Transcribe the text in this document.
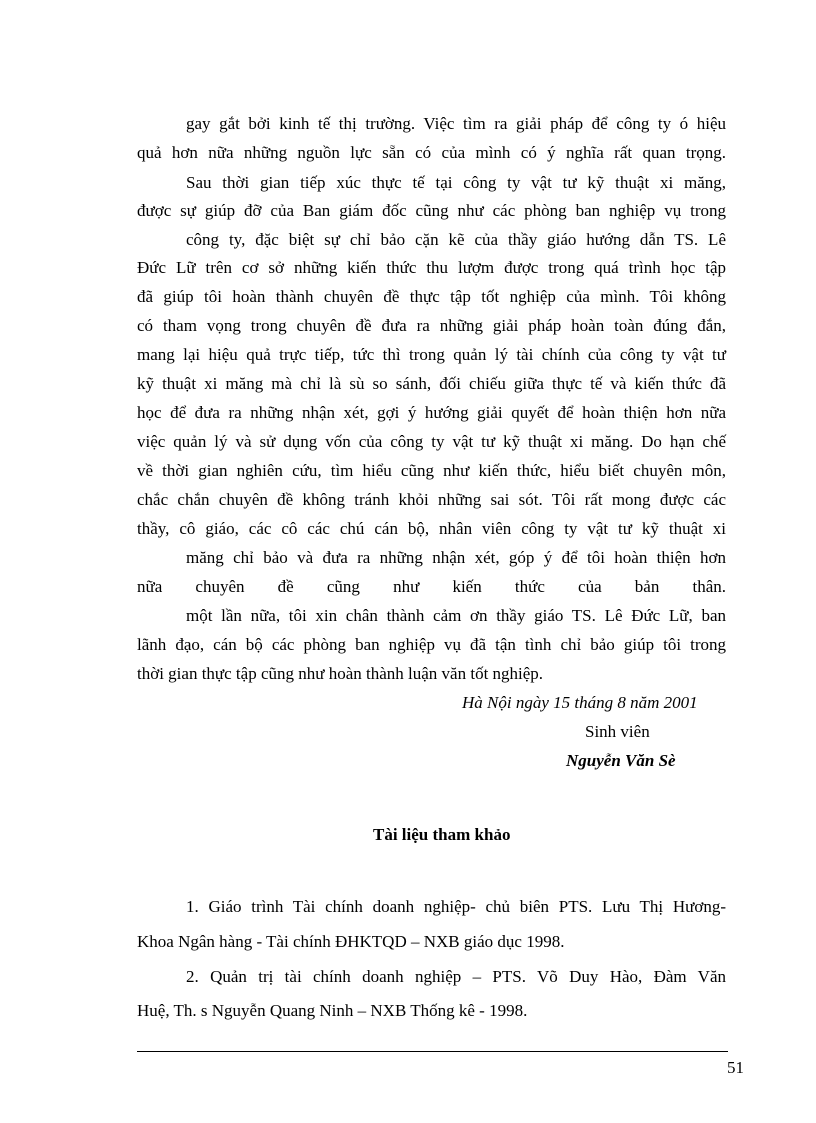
gay gắt bởi kinh tế thị trường. Việc tìm ra giải pháp để công ty ó hiệu
quả hơn nữa những nguồn lực sẵn có của mình có ý nghĩa rất quan trọng.
Sau thời gian tiếp xúc thực tế tại công ty vật tư kỹ thuật xi măng,
được sự giúp đỡ của Ban giám đốc cũng như các phòng ban nghiệp vụ trong
công ty, đặc biệt sự chỉ bảo cặn kẽ của thầy giáo hướng dẫn TS. Lê
Đức Lữ trên cơ sở những kiến thức thu lượm được trong quá trình học tập
đã giúp tôi hoàn thành chuyên đề thực tập tốt nghiệp của mình. Tôi không
có tham vọng trong chuyên đề đưa ra những giải pháp hoàn toàn đúng đắn,
mang lại hiệu quả trực tiếp, tức thì trong quản lý tài chính của công ty vật tư
kỹ thuật xi măng mà chỉ là sù so sánh, đối chiếu giữa thực tế và kiến thức đã
học để đưa ra những nhận xét, gợi ý hướng giải quyết để hoàn thiện hơn nữa
việc quản lý và sử dụng vốn của công ty vật tư kỹ thuật xi măng. Do hạn chế
về thời gian nghiên cứu, tìm hiểu cũng như kiến thức, hiểu biết chuyên môn,
chắc chắn chuyên đề không tránh khỏi những sai sót. Tôi rất mong được các
thầy, cô giáo, các cô các chú cán bộ, nhân viên công ty vật tư kỹ thuật xi
măng chỉ bảo và đưa ra những nhận xét, góp ý để tôi hoàn thiện hơn
nữa chuyên đề cũng như kiến thức của bản thân.
một lần nữa, tôi xin chân thành cảm ơn thầy giáo TS. Lê Đức Lữ, ban
lãnh đạo, cán bộ các phòng ban nghiệp vụ đã tận tình chỉ bảo giúp tôi trong
thời gian thực tập cũng như hoàn thành luận văn tốt nghiệp.
Hà Nội ngày 15 tháng 8 năm 2001
Sinh viên
Nguyễn Văn Sè
Tài liệu tham khảo
1. Giáo trình Tài chính doanh nghiệp- chủ biên PTS. Lưu Thị Hương-
Khoa Ngân hàng - Tài chính ĐHKTQD – NXB giáo dục 1998.
2. Quản trị tài chính doanh nghiệp – PTS. Võ Duy Hào, Đàm Văn
Huệ, Th. s Nguyễn Quang Ninh – NXB Thống kê - 1998.
51
